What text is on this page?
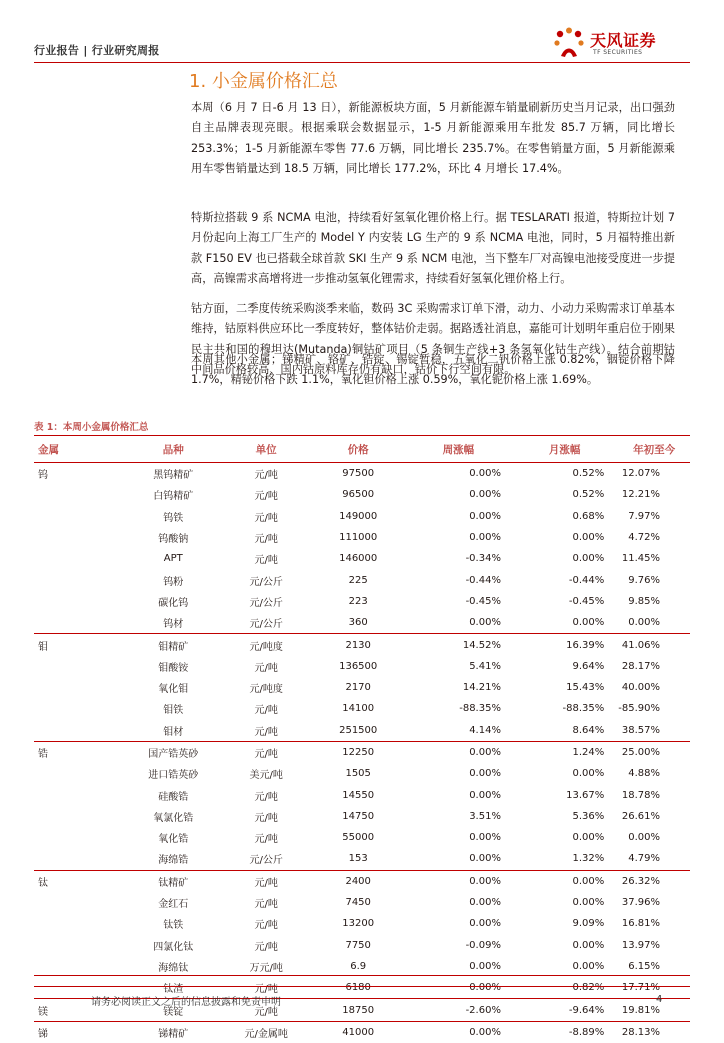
行业报告 | 行业研究周报
天风证券
TF SECURITIES
1. 小金属价格汇总

本周（6 月 7 日-6 月 13 日），新能源板块方面，5 月新能源车销量刷新历史当月记录，出口强劲自主品牌表现亮眼。根据乘联会数据显示，1-5 月新能源乘用车批发 85.7 万辆，同比增长 253.3%；1-5 月新能源车零售 77.6 万辆，同比增长 235.7%。在零售销量方面，5 月新能源乘用车零售销量达到 18.5 万辆，同比增长 177.2%，环比 4 月增长 17.4%。

特斯拉搭载 9 系 NCMA 电池，持续看好氢氧化锂价格上行。据 TESLARATI 报道，特斯拉计划 7 月份起向上海工厂生产的 Model Y 内安装 LG 生产的 9 系 NCMA 电池，同时，5 月福特推出新款 F150 EV 也已搭载全球首款 SKI 生产 9 系 NCM 电池，当下整车厂对高镍电池接受度进一步提高，高镍需求高增将进一步推动氢氧化锂需求，持续看好氢氧化锂价格上行。

钴方面，二季度传统采购淡季来临，数码 3C 采购需求订单下滑，动力、小动力采购需求订单基本维持，钴原料供应环比一季度转好，整体钴价走弱。据路透社消息，嘉能可计划明年重启位于刚果民主共和国的穆坦达(Mutanda)铜钴矿项目（5 条铜生产线+3 条氢氧化钴生产线）。结合前期钴中间品价格较高、国内钴原料库存仍有缺口，钴价下行空间有限。

本周其他小金属；锑精矿、铬矿、锆锭、锡锭暂稳，五氧化二钒价格上涨 0.82%，铟锭价格下降 1.7%，精铋价格下跌 1.1%，氧化钽价格上涨 0.59%，氧化铌价格上涨 1.69%。

表 1：本周小金属价格汇总
金属	品种	单位	价格	周涨幅	月涨幅	年初至今
钨	黑钨精矿	元/吨	97500	0.00%	0.52%	12.07%
	白钨精矿	元/吨	96500	0.00%	0.52%	12.21%
	钨铁	元/吨	149000	0.00%	0.68%	7.97%
	钨酸钠	元/吨	111000	0.00%	0.00%	4.72%
	APT	元/吨	146000	-0.34%	0.00%	11.45%
	钨粉	元/公斤	225	-0.44%	-0.44%	9.76%
	碳化钨	元/公斤	223	-0.45%	-0.45%	9.85%
	钨材	元/公斤	360	0.00%	0.00%	0.00%
钼	钼精矿	元/吨度	2130	14.52%	16.39%	41.06%
	钼酸铵	元/吨	136500	5.41%	9.64%	28.17%
	氧化钼	元/吨度	2170	14.21%	15.43%	40.00%
	钼铁	元/吨	14100	-88.35%	-88.35%	-85.90%
	钼材	元/吨	251500	4.14%	8.64%	38.57%
锆	国产锆英砂	元/吨	12250	0.00%	1.24%	25.00%
	进口锆英砂	美元/吨	1505	0.00%	0.00%	4.88%
	硅酸锆	元/吨	14550	0.00%	13.67%	18.78%
	氧氯化锆	元/吨	14750	3.51%	5.36%	26.61%
	氧化锆	元/吨	55000	0.00%	0.00%	0.00%
	海绵锆	元/公斤	153	0.00%	1.32%	4.79%
钛	钛精矿	元/吨	2400	0.00%	0.00%	26.32%
	金红石	元/吨	7450	0.00%	0.00%	37.96%
	钛铁	元/吨	13200	0.00%	9.09%	16.81%
	四氯化钛	元/吨	7750	-0.09%	0.00%	13.97%
	海绵钛	万元/吨	6.9	0.00%	0.00%	6.15%
	钛渣	元/吨	6180	0.00%	0.82%	17.71%
镁	镁锭	元/吨	18750	-2.60%	-9.64%	19.81%
锑	锑精矿	元/金属吨	41000	0.00%	-8.89%	28.13%
请务必阅读正文之后的信息披露和免责申明	4
